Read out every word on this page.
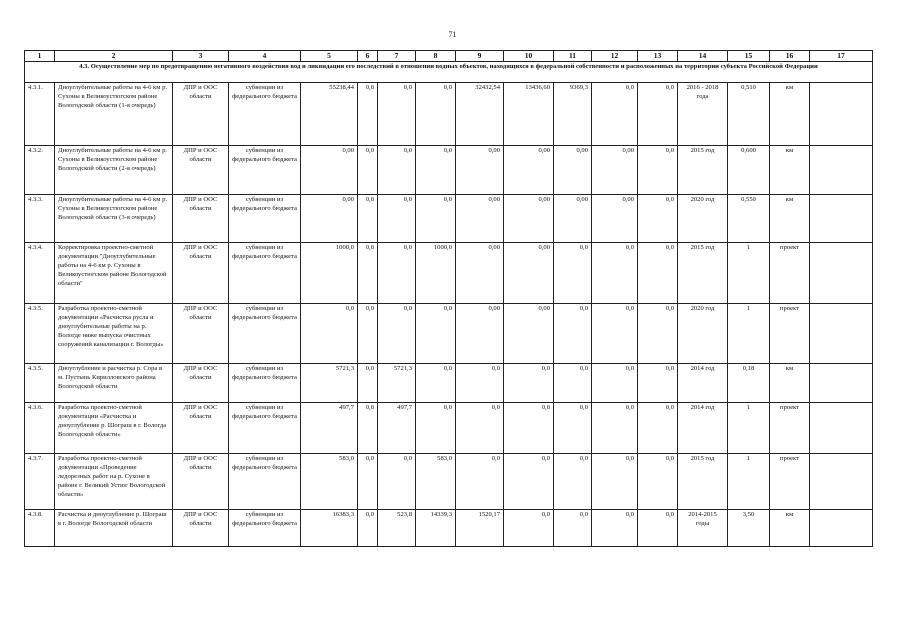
71
1	2	3	4	5	6	7	8	9	10	11	12	13	14	15	16	17
4.3. Осуществление мер по предотвращению негативного воздействия вод и ликвидации его последствий в отношении водных объектов, находящихся в федеральной собственности и расположенных на территории субъекта Российской Федерации																
4.3.1.	Дноуглубительные работы на 4-6 км р. Сухоны в Великоустюгском районе Вологодской области (1-я очередь)	ДПР и ООС области	субвенции из федерального бюджета	55238,44	0,0	0,0	0,0	32432,54	13436,60	9369,3	0,0	0,0	2016 - 2018 года	0,510	км	
4.3.2.	Дноуглубительные работы на 4-6 км р. Сухоны в Великоустюгском районе Вологодской области (2-я очередь)	ДПР и ООС области	субвенции из федерального бюджета	0,00	0,0	0,0	0,0	0,00	0,00	0,00	0,00	0,0	2015 год	0,600	км	
4.3.3.	Дноуглубительные работы на 4-6 км р. Сухоны в Великоустюгском районе Вологодской области (3-я очередь)	ДПР и ООС области	субвенции из федерального бюджета	0,00	0,0	0,0	0,0	0,00	0,00	0,00	0,00	0,0	2020 год	0,550	км	
4.3.4.	Корректировка проектно-сметной документации "Дноуглубительные работы на 4-6 км р. Сухоны в Великоустюгском районе Вологодской области"	ДПР и ООС области	субвенции из федерального бюджета	1000,0	0,0	0,0	1000,0	0,00	0,00	0,0	0,0	0,0	2015 год	1	проект	
4.3.5.	Разработка проектно-сметной документации «Расчистка русла и дноуглубительные работы на р. Вологде ниже выпуска очистных сооружений канализации г. Вологды»	ДПР и ООС области	субвенции из федерального бюджета	0,0	0,0	0,0	0,0	0,00	0,00	0,0	0,0	0,0	2020 год	1	проект	
4.3.5.	Дноуглубление и расчистка р. Сора в м. Пустынь Кирилловского района Вологодской области	ДПР и ООС области	субвенции из федерального бюджета	5721,3	0,0	5721,3	0,0	0,0	0,0	0,0	0,0	0,0	2014 год	0,18	км	
4.3.6.	Разработка проектно-сметной документации «Расчистка и дноуглубление р. Шограш в г. Вологда Вологодской области»	ДПР и ООС области	субвенции из федерального бюджета	497,7	0,0	497,7	0,0	0,0	0,0	0,0	0,0	0,0	2014 год	1	проект	
4.3.7.	Разработка проектно-сметной документации «Проведение ледорезных работ на р. Сухоне в районе г. Великий Устюг Вологодской области»	ДПР и ООС области	субвенции из федерального бюджета	583,0	0,0	0,0	583,0	0,0	0,0	0,0	0,0	0,0	2015 год	1	проект	
4.3.8.	Расчистка и дноуглубление р. Шограш в г. Вологде Вологодской области	ДПР и ООС области	субвенции из федерального бюджета	16383,3	0,0	523,8	14339,3	1520,17	0,0	0,0	0,0	0,0	2014-2015 годы	3,50	км	
